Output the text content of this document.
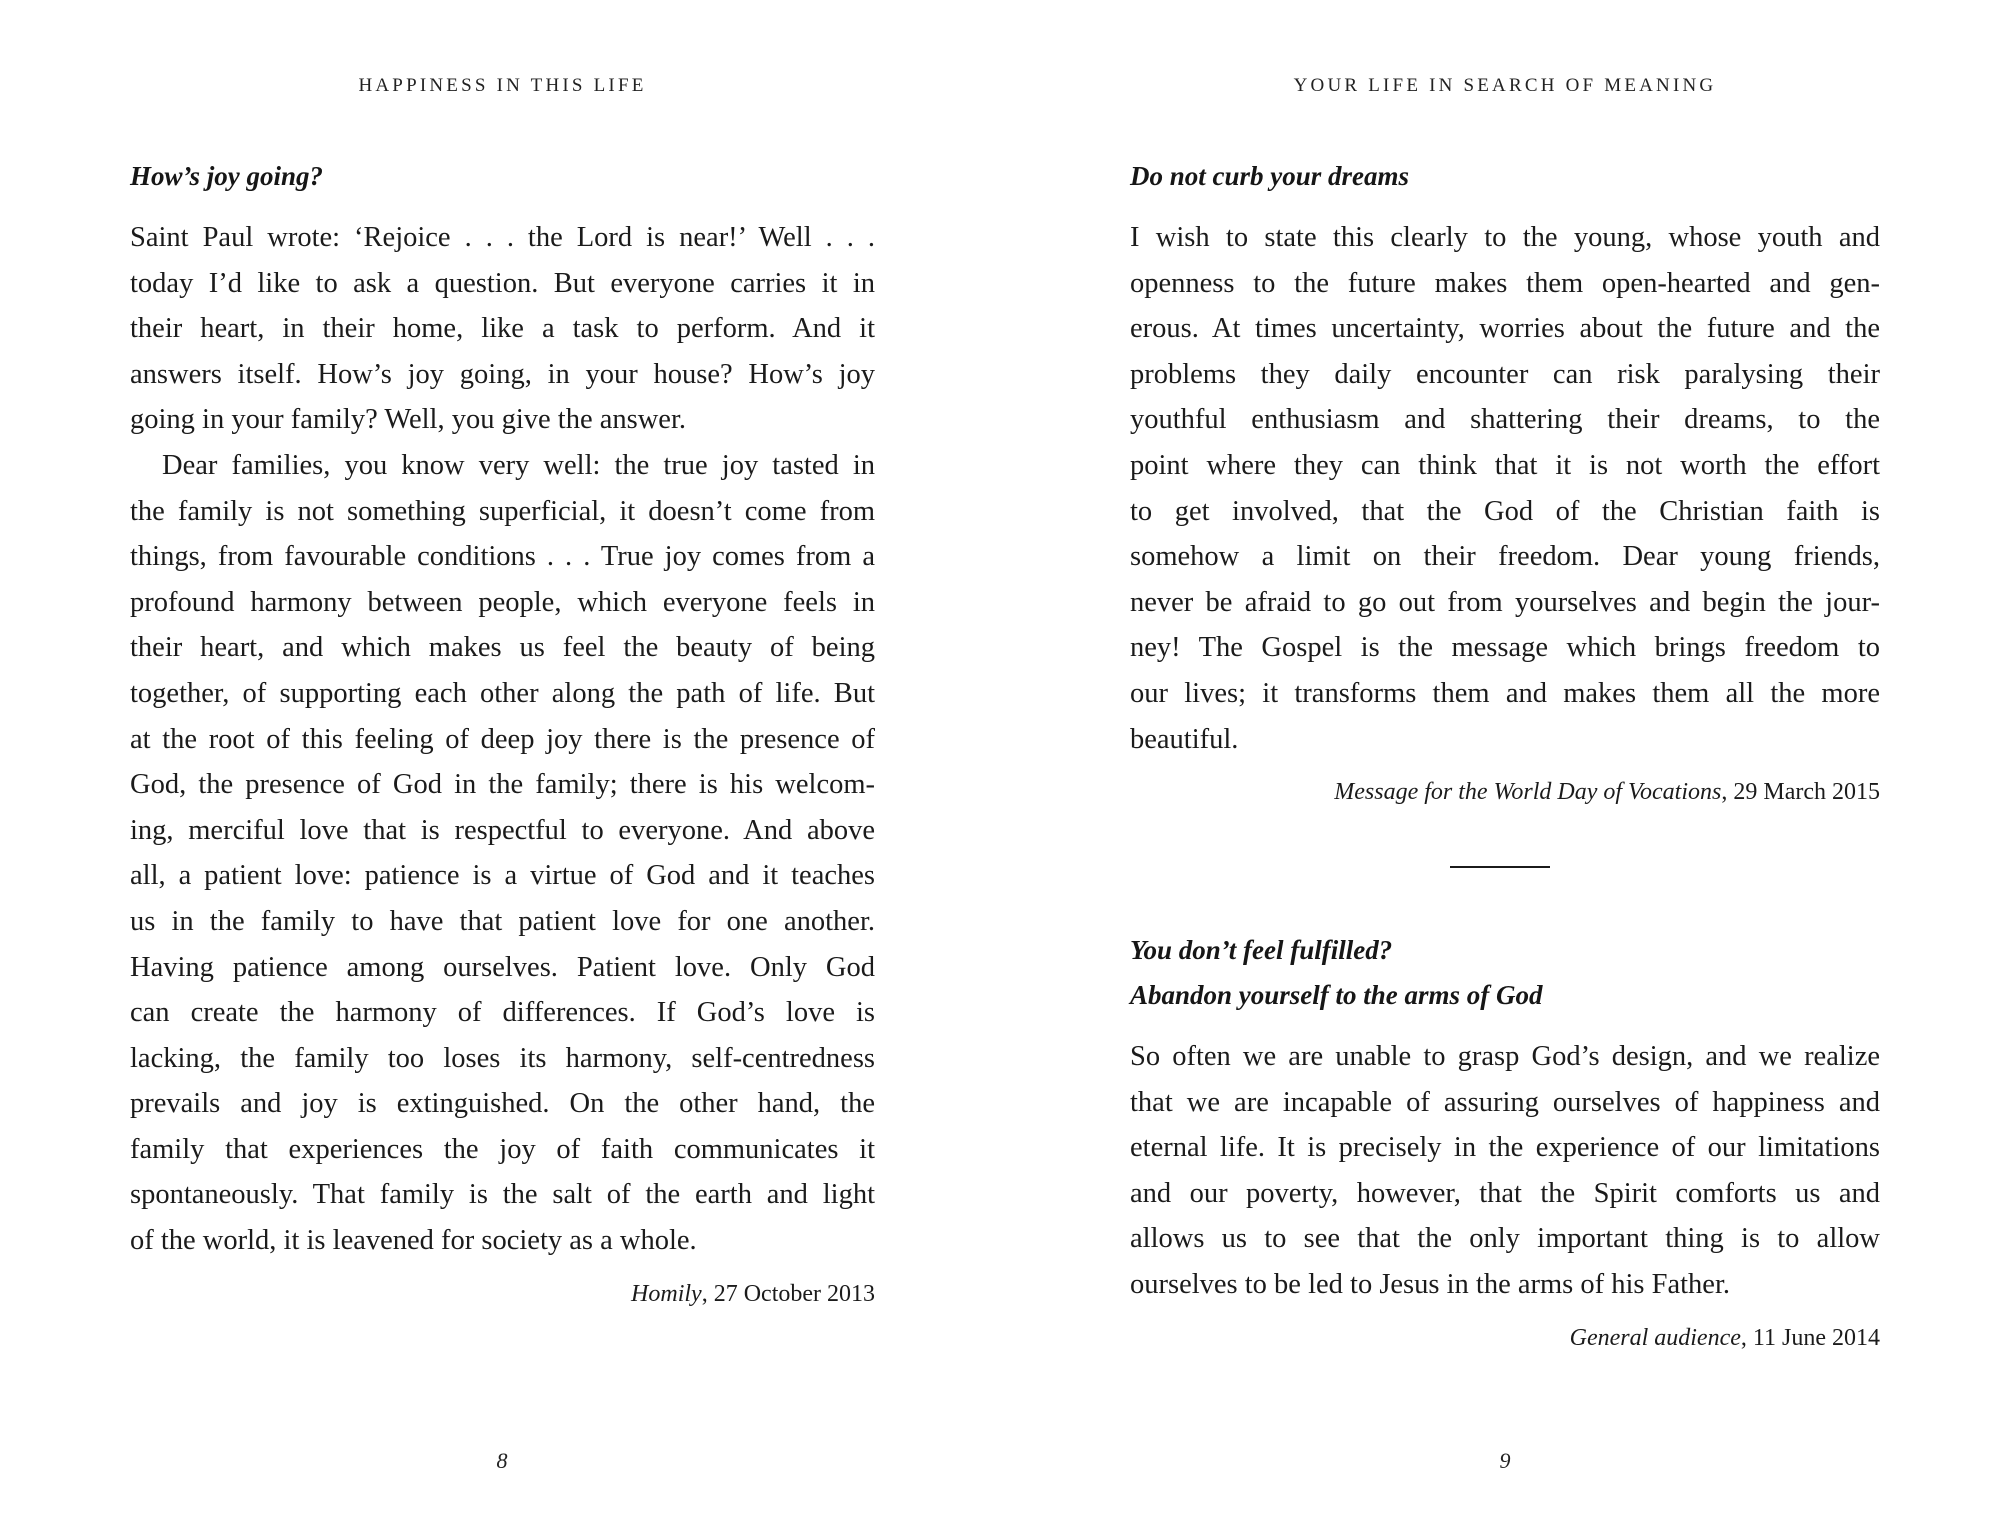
HAPPINESS IN THIS LIFE
How’s joy going?
Saint Paul wrote: ‘Rejoice . . . the Lord is near!’ Well . . .
today I’d like to ask a question. But everyone carries it in
their heart, in their home, like a task to perform. And it
answers itself. How’s joy going, in your house? How’s joy
going in your family? Well, you give the answer.
Dear families, you know very well: the true joy tasted in
the family is not something superficial, it doesn’t come from
things, from favourable conditions . . . True joy comes from a
profound harmony between people, which everyone feels in
their heart, and which makes us feel the beauty of being
together, of supporting each other along the path of life. But
at the root of this feeling of deep joy there is the presence of
God, the presence of God in the family; there is his welcom-
ing, merciful love that is respectful to everyone. And above
all, a patient love: patience is a virtue of God and it teaches
us in the family to have that patient love for one another.
Having patience among ourselves. Patient love. Only God
can create the harmony of differences. If God’s love is
lacking, the family too loses its harmony, self-centredness
prevails and joy is extinguished. On the other hand, the
family that experiences the joy of faith communicates it
spontaneously. That family is the salt of the earth and light
of the world, it is leavened for society as a whole.
Homily, 27 October 2013
8
YOUR LIFE IN SEARCH OF MEANING
Do not curb your dreams
I wish to state this clearly to the young, whose youth and
openness to the future makes them open-hearted and gen-
erous. At times uncertainty, worries about the future and the
problems they daily encounter can risk paralysing their
youthful enthusiasm and shattering their dreams, to the
point where they can think that it is not worth the effort
to get involved, that the God of the Christian faith is
somehow a limit on their freedom. Dear young friends,
never be afraid to go out from yourselves and begin the jour-
ney! The Gospel is the message which brings freedom to
our lives; it transforms them and makes them all the more
beautiful.
Message for the World Day of Vocations, 29 March 2015
You don’t feel fulfilled?
Abandon yourself to the arms of God
So often we are unable to grasp God’s design, and we realize
that we are incapable of assuring ourselves of happiness and
eternal life. It is precisely in the experience of our limitations
and our poverty, however, that the Spirit comforts us and
allows us to see that the only important thing is to allow
ourselves to be led to Jesus in the arms of his Father.
General audience, 11 June 2014
9
